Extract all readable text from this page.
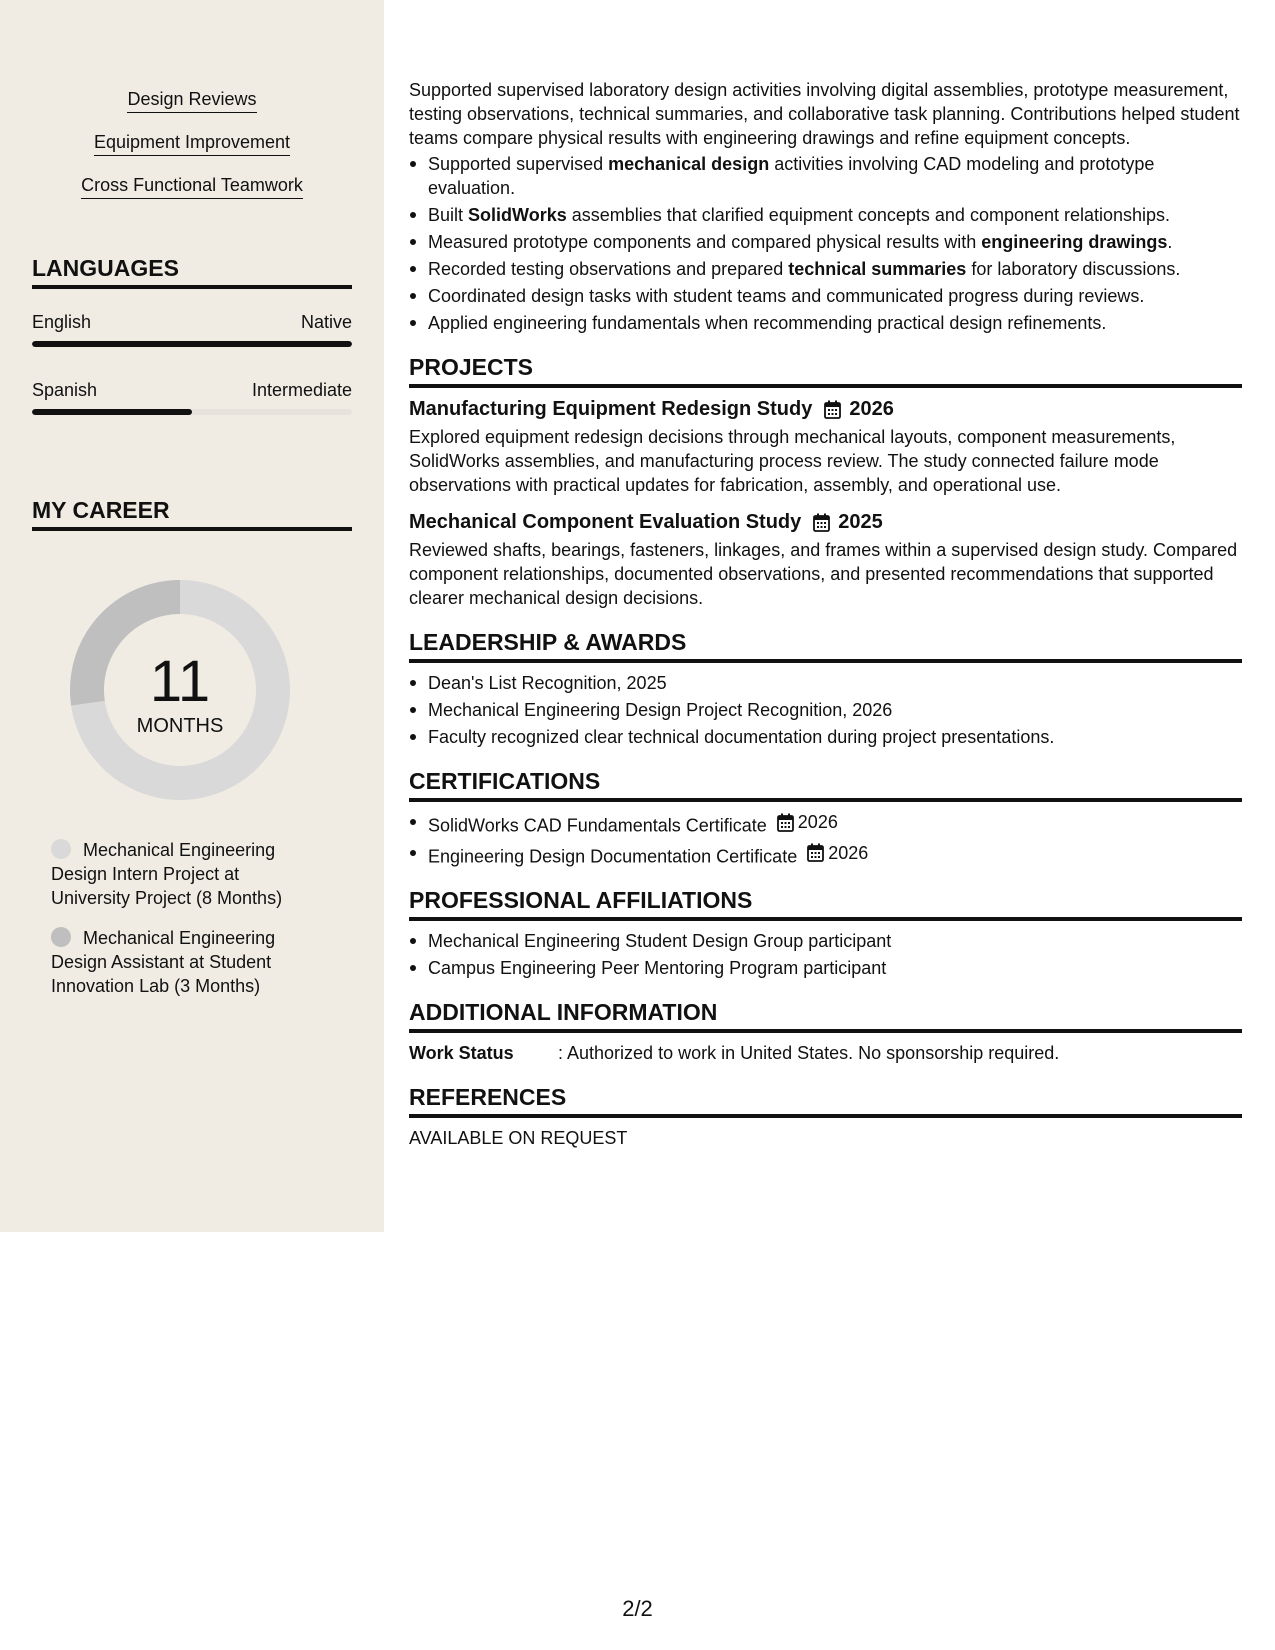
Design Reviews
Equipment Improvement
Cross Functional Teamwork
LANGUAGES
English	Native
Spanish	Intermediate
MY CAREER
11
MONTHS
Mechanical Engineering Design Intern Project at University Project (8 Months)
Mechanical Engineering Design Assistant at Student Innovation Lab (3 Months)
Supported supervised laboratory design activities involving digital assemblies, prototype measurement, testing observations, technical summaries, and collaborative task planning. Contributions helped student teams compare physical results with engineering drawings and refine equipment concepts.
Supported supervised mechanical design activities involving CAD modeling and prototype evaluation.
Built SolidWorks assemblies that clarified equipment concepts and component relationships.
Measured prototype components and compared physical results with engineering drawings.
Recorded testing observations and prepared technical summaries for laboratory discussions.
Coordinated design tasks with student teams and communicated progress during reviews.
Applied engineering fundamentals when recommending practical design refinements.
PROJECTS
Manufacturing Equipment Redesign Study 2026
Explored equipment redesign decisions through mechanical layouts, component measurements, SolidWorks assemblies, and manufacturing process review. The study connected failure mode observations with practical updates for fabrication, assembly, and operational use.
Mechanical Component Evaluation Study 2025
Reviewed shafts, bearings, fasteners, linkages, and frames within a supervised design study. Compared component relationships, documented observations, and presented recommendations that supported clearer mechanical design decisions.
LEADERSHIP & AWARDS
Dean's List Recognition, 2025
Mechanical Engineering Design Project Recognition, 2026
Faculty recognized clear technical documentation during project presentations.
CERTIFICATIONS
SolidWorks CAD Fundamentals Certificate 2026
Engineering Design Documentation Certificate 2026
PROFESSIONAL AFFILIATIONS
Mechanical Engineering Student Design Group participant
Campus Engineering Peer Mentoring Program participant
ADDITIONAL INFORMATION
Work Status	: Authorized to work in United States. No sponsorship required.
REFERENCES
AVAILABLE ON REQUEST
2/2
